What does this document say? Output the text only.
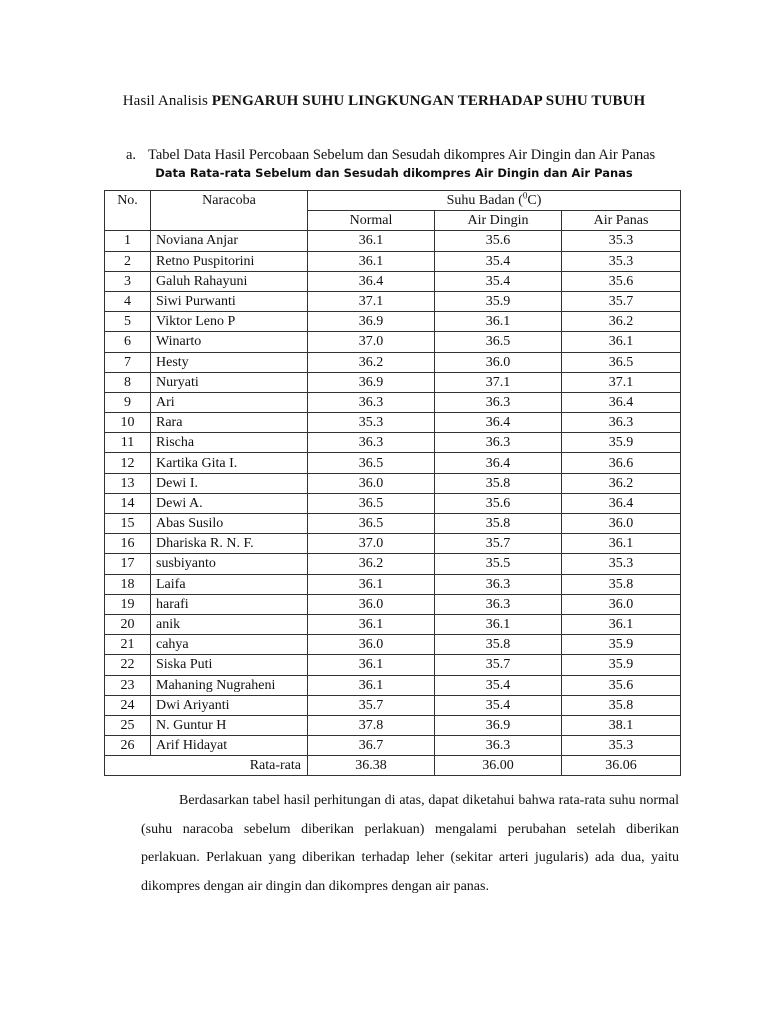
Hasil Analisis PENGARUH SUHU LINGKUNGAN TERHADAP SUHU TUBUH
a. Tabel Data Hasil Percobaan Sebelum dan Sesudah dikompres Air Dingin dan Air Panas
Data Rata-rata Sebelum dan Sesudah dikompres Air Dingin dan Air Panas
No.	Naracoba	Suhu Badan ($^0$C)		
		Normal	Air Dingin	Air Panas
1	Noviana Anjar	36.1	35.6	35.3
2	Retno Puspitorini	36.1	35.4	35.3
3	Galuh Rahayuni	36.4	35.4	35.6
4	Siwi Purwanti	37.1	35.9	35.7
5	Viktor Leno P	36.9	36.1	36.2
6	Winarto	37.0	36.5	36.1
7	Hesty	36.2	36.0	36.5
8	Nuryati	36.9	37.1	37.1
9	Ari	36.3	36.3	36.4
10	Rara	35.3	36.4	36.3
11	Rischa	36.3	36.3	35.9
12	Kartika Gita I.	36.5	36.4	36.6
13	Dewi I.	36.0	35.8	36.2
14	Dewi A.	36.5	35.6	36.4
15	Abas Susilo	36.5	35.8	36.0
16	Dhariska R. N. F.	37.0	35.7	36.1
17	susbiyanto	36.2	35.5	35.3
18	Laifa	36.1	36.3	35.8
19	harafi	36.0	36.3	36.0
20	anik	36.1	36.1	36.1
21	cahya	36.0	35.8	35.9
22	Siska Puti	36.1	35.7	35.9
23	Mahaning Nugraheni	36.1	35.4	35.6
24	Dwi Ariyanti	35.7	35.4	35.8
25	N. Guntur H	37.8	36.9	38.1
26	Arif Hidayat	36.7	36.3	35.3
Rata-rata		36.38	36.00	36.06

Berdasarkan tabel hasil perhitungan di atas, dapat diketahui bahwa rata-rata suhu normal (suhu naracoba sebelum diberikan perlakuan) mengalami perubahan setelah diberikan perlakuan. Perlakuan yang diberikan terhadap leher (sekitar arteri jugularis) ada dua, yaitu dikompres dengan air dingin dan dikompres dengan air panas.
